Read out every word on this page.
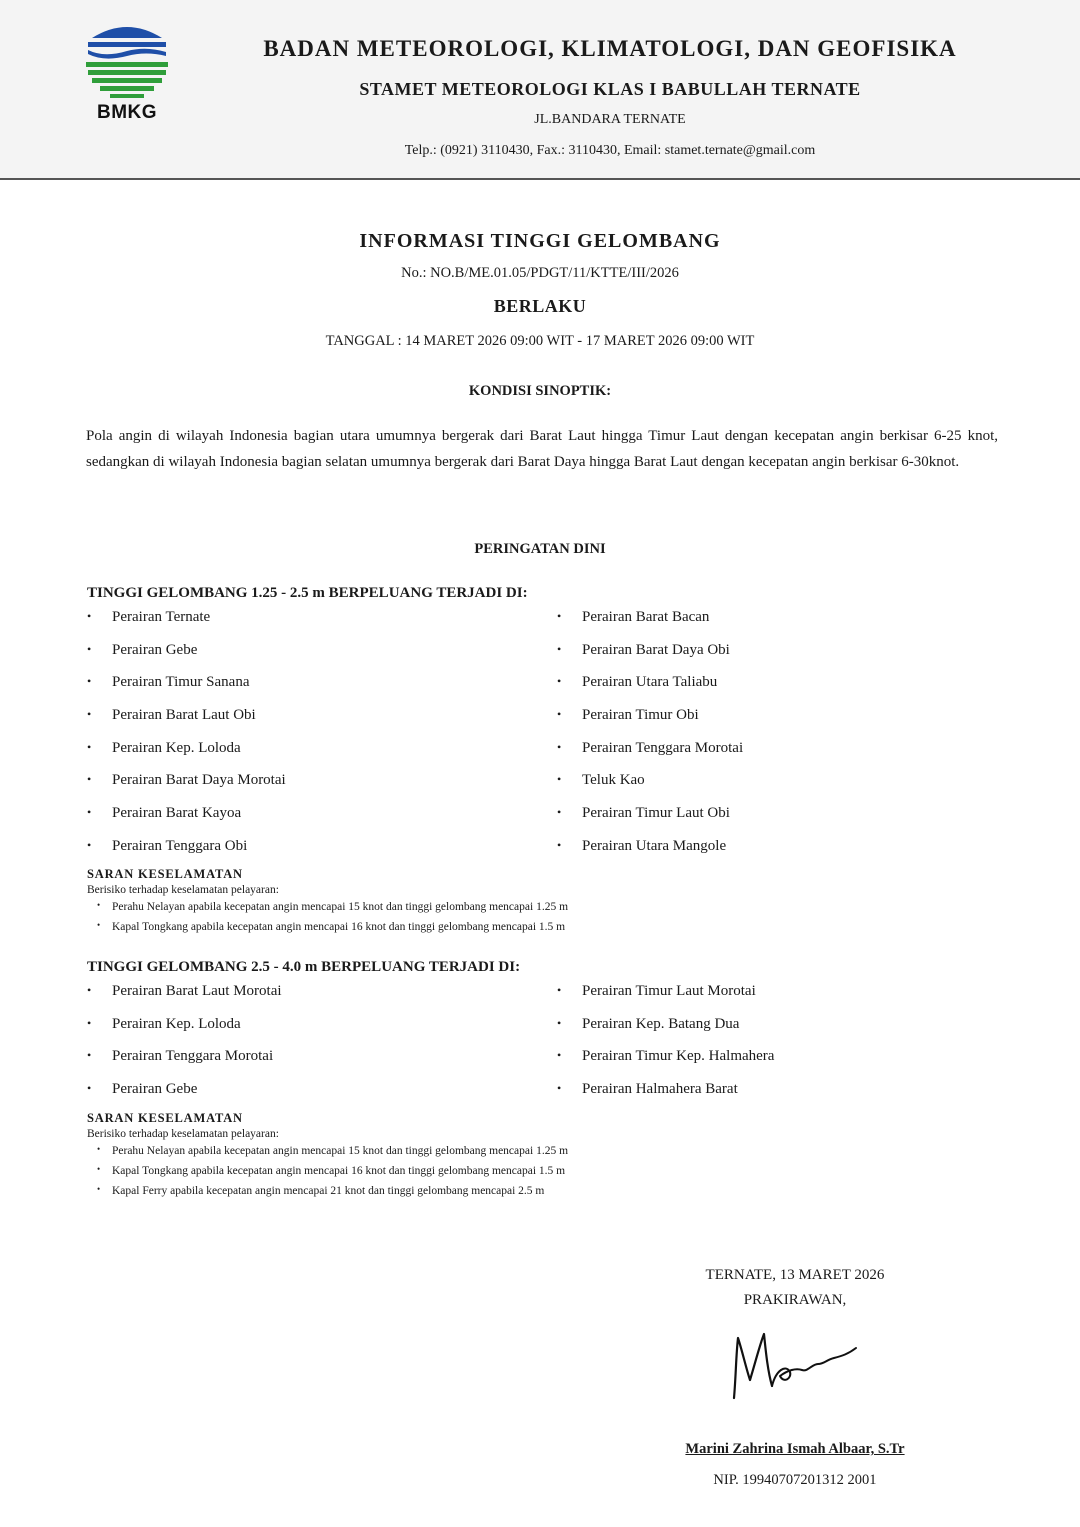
BMKG
BADAN METEOROLOGI, KLIMATOLOGI, DAN GEOFISIKA
STAMET METEOROLOGI KLAS I BABULLAH TERNATE
JL.BANDARA TERNATE
Telp.: (0921) 3110430, Fax.: 3110430, Email: stamet.ternate@gmail.com
INFORMASI TINGGI GELOMBANG
No.: NO.B/ME.01.05/PDGT/11/KTTE/III/2026
BERLAKU
TANGGAL : 14 MARET 2026 09:00 WIT - 17 MARET 2026 09:00 WIT
KONDISI SINOPTIK:
Pola angin di wilayah Indonesia bagian utara umumnya bergerak dari Barat Laut hingga Timur Laut dengan kecepatan angin berkisar 6-25 knot, sedangkan di wilayah Indonesia bagian selatan umumnya bergerak dari Barat Daya hingga Barat Laut dengan kecepatan angin berkisar 6-30knot.
PERINGATAN DINI
TINGGI GELOMBANG 1.25 - 2.5 m BERPELUANG TERJADI DI:
• Perairan Ternate	• Perairan Barat Bacan
• Perairan Gebe	• Perairan Barat Daya Obi
• Perairan Timur Sanana	• Perairan Utara Taliabu
• Perairan Barat Laut Obi	• Perairan Timur Obi
• Perairan Kep. Loloda	• Perairan Tenggara Morotai
• Perairan Barat Daya Morotai	• Teluk Kao
• Perairan Barat Kayoa	• Perairan Timur Laut Obi
• Perairan Tenggara Obi	• Perairan Utara Mangole
SARAN KESELAMATAN
Berisiko terhadap keselamatan pelayaran:
• Perahu Nelayan apabila kecepatan angin mencapai 15 knot dan tinggi gelombang mencapai 1.25 m
• Kapal Tongkang apabila kecepatan angin mencapai 16 knot dan tinggi gelombang mencapai 1.5 m
TINGGI GELOMBANG 2.5 - 4.0 m BERPELUANG TERJADI DI:
• Perairan Barat Laut Morotai	• Perairan Timur Laut Morotai
• Perairan Kep. Loloda	• Perairan Kep. Batang Dua
• Perairan Tenggara Morotai	• Perairan Timur Kep. Halmahera
• Perairan Gebe	• Perairan Halmahera Barat
SARAN KESELAMATAN
Berisiko terhadap keselamatan pelayaran:
• Perahu Nelayan apabila kecepatan angin mencapai 15 knot dan tinggi gelombang mencapai 1.25 m
• Kapal Tongkang apabila kecepatan angin mencapai 16 knot dan tinggi gelombang mencapai 1.5 m
• Kapal Ferry apabila kecepatan angin mencapai 21 knot dan tinggi gelombang mencapai 2.5 m
TERNATE, 13 MARET 2026
PRAKIRAWAN,
Marini Zahrina Ismah Albaar, S.Tr
NIP. 19940707201312 2001
